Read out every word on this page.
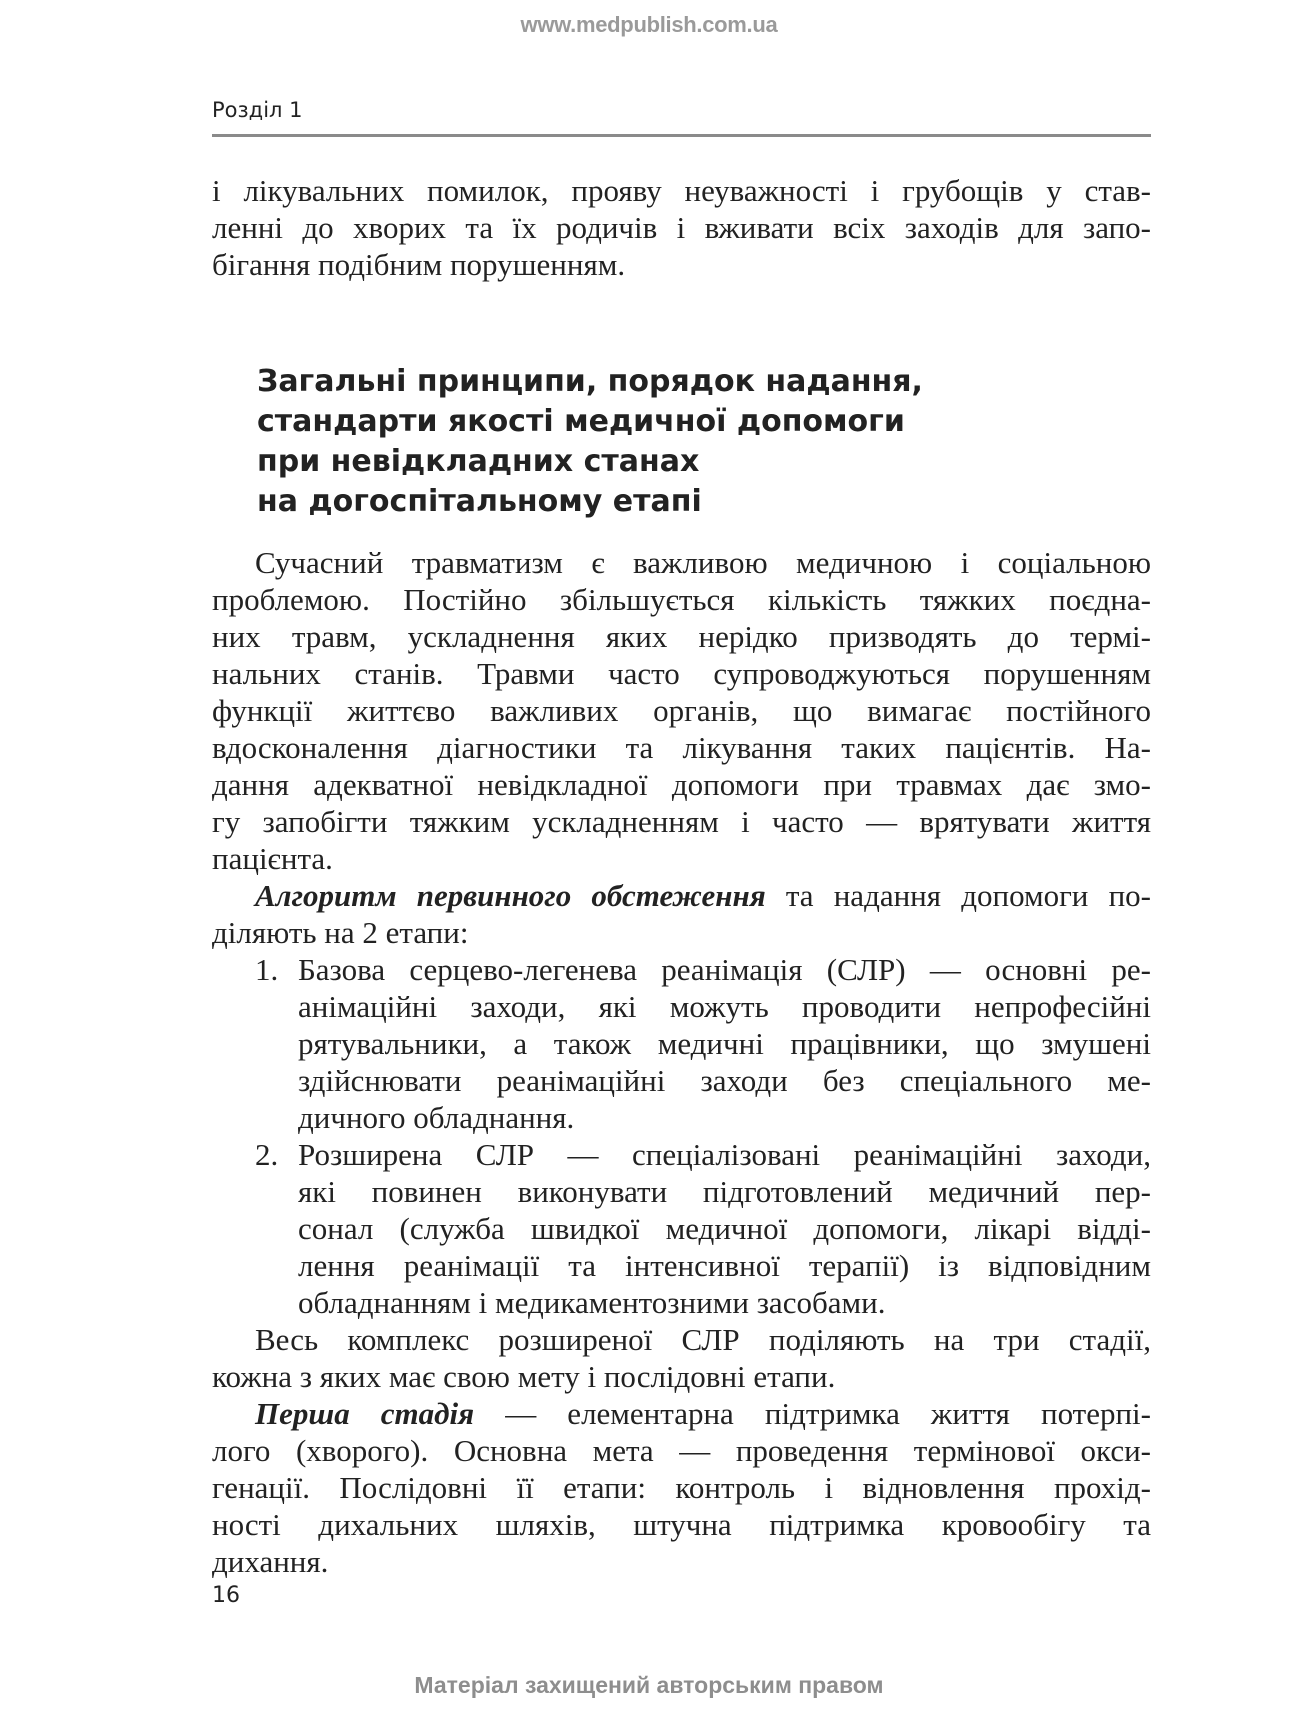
www.medpublish.com.ua
Розділ 1
і лікувальних помилок, прояву неуважності і грубощів у став-
ленні до хворих та їх родичів і вживати всіх заходів для запо-
бігання подібним порушенням.
Загальні принципи, порядок надання,
стандарти якості медичної допомоги
при невідкладних станах
на догоспітальному етапі
Сучасний травматизм є важливою медичною і соціальною
проблемою. Постійно збільшується кількість тяжких поєдна-
них травм, ускладнення яких нерідко призводять до термі-
нальних станів. Травми часто супроводжуються порушенням
функції життєво важливих органів, що вимагає постійного
вдосконалення діагностики та лікування таких пацієнтів. На-
дання адекватної невідкладної допомоги при травмах дає змо-
гу запобігти тяжким ускладненням і часто — врятувати життя
пацієнта.
Алгоритм первинного обстеження та надання допомоги по-
діляють на 2 етапи:
1. Базова серцево-легенева реанімація (СЛР) — основні ре-
анімаційні заходи, які можуть проводити непрофесійні
рятувальники, а також медичні працівники, що змушені
здійснювати реанімаційні заходи без спеціального ме-
дичного обладнання.
2. Розширена СЛР — спеціалізовані реанімаційні заходи,
які повинен виконувати підготовлений медичний пер-
сонал (служба швидкої медичної допомоги, лікарі відді-
лення реанімації та інтенсивної терапії) із відповідним
обладнанням і медикаментозними засобами.
Весь комплекс розширеної СЛР поділяють на три стадії,
кожна з яких має свою мету і послідовні етапи.
Перша стадія — елементарна підтримка життя потерпі-
лого (хворого). Основна мета — проведення термінової окси-
генації. Послідовні її етапи: контроль і відновлення прохід-
ності дихальних шляхів, штучна підтримка кровообігу та
дихання.
16
Матеріал захищений авторським правом
